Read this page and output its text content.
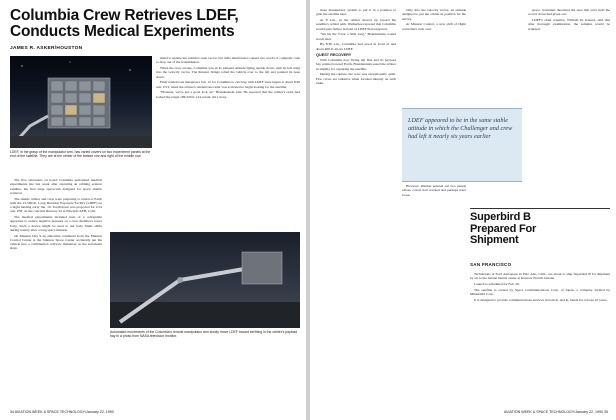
Columbia Crew Retrieves LDEF, Conducts Medical Experiments
JAMES R. ASKER/HOUSTON
LDEF, in the grasp of the manipulator arm, has varied covers on two experiment panels at the end of the satellite. They are at the center of the bottom row and right of the middle row.

The five astronauts on board Columbia performed medical experiments late last week after capturing an orbiting science satellite, the first large spacecraft designed for space shuttle retrieval.

The shuttle orbiter and crew were preparing to return to Earth with the 21,500-lb. Long Duration Exposure Facility (LDEF) on a night landing early Jan. 19. Touchdown was projected for 2:54 a.m. PST on the concrete Runway 22 at Edwards AFB, Calif.

The medical experiments included tests of a collapsible apparatus to reduce negative pressure on a crew member's lower body. Such a device might be used to aid body fluids shifts during reentry after a long space mission.

On Mission Day 9 an abnormal command from the Mission Control Center at the Johnson Space Center accidently put the vehicle into a combination roll/yaw maneuver as the astronauts slept.

mand to update the vehicle's state vector, but radio interference caused two words of computer code to drop out of the transmission.

When the crew awoke, Columbia was in its planned attitude flying upside down, with its left wing into the velocity vector. The thruster firings rolled the vehicle over to the left and pointed its nose down.

Final rendezvous maneuvers Jan. 12 for Columbia to catch up with LDEF were begun at about 6:40 a.m. CST, when the orbiter's rendezvous radar was activated to begin looking for the satellite.

"Houston, we've got a good lock on," Brandenstein said. He reported that the orbiter's radar had locked the target 186,320 ft. (24.4 naut. mi.) away.

Automated movements of the Columbia's remote manipulator arm slowly move LDEF toward berthing in the orbiter's payload bay in a photo from NASA television monitor.
34 AVIATION WEEK & SPACE TECHNOLOGY/January 22, 1990

mote manipulator system to put it in a position to grab the satellite later.

At 8 a.m., as the orbiter moved up toward the satellite's orbital path, Wetherbee reported that Columbia would pass farther in front of LDEF than expected.

"We hit the V-bar a little long," Brandenstein would recall later.

By 8:30 a.m., Columbia had stood in front of and about 400 ft. above LDEF.

QUEST RECOVERY

With Columbia now flying tail first and its payload bay pointed toward Earth, Brandenstein eased the orbiter in slightly for capturing the satellite.

During the capture, the crew was exceptionally quiet. Few crews are talkative when focused intently on such tasks.

belly into the velocity vector, an attitude designed to put the orbiter in position for the survey.

At Mission Control, a new shift of flight controllers took over.

LDEF appeared to be in the same stable attitude in which the Challenger and crew had left it nearly six years earlier

However, Dunbar pointed out two panels whose covers had cracked and perhaps were loose.

space. Scientists theorized the tape that once held the covers down had given out.

LDEF's chief scientist, William H. Kinard, said that after thorough examination, the samples would be returned.

Superbird B Prepared For Shipment
SAN FRANCISCO

Technicians at Ford Aerospace in Palo Alto, Calif., are about to ship Superbird B for shipment by air to the Ariane launch center at Kourou, French Guiana.

Launch is scheduled for Feb. 20.

The satellite is owned by Space Communications Corp. of Japan, a company formed by Mitsubishi Corp.

It is designed to provide communications services in both K, and K, bands for at least 10 years.

AVIATION WEEK & SPACE TECHNOLOGY/January 22, 1990 35
